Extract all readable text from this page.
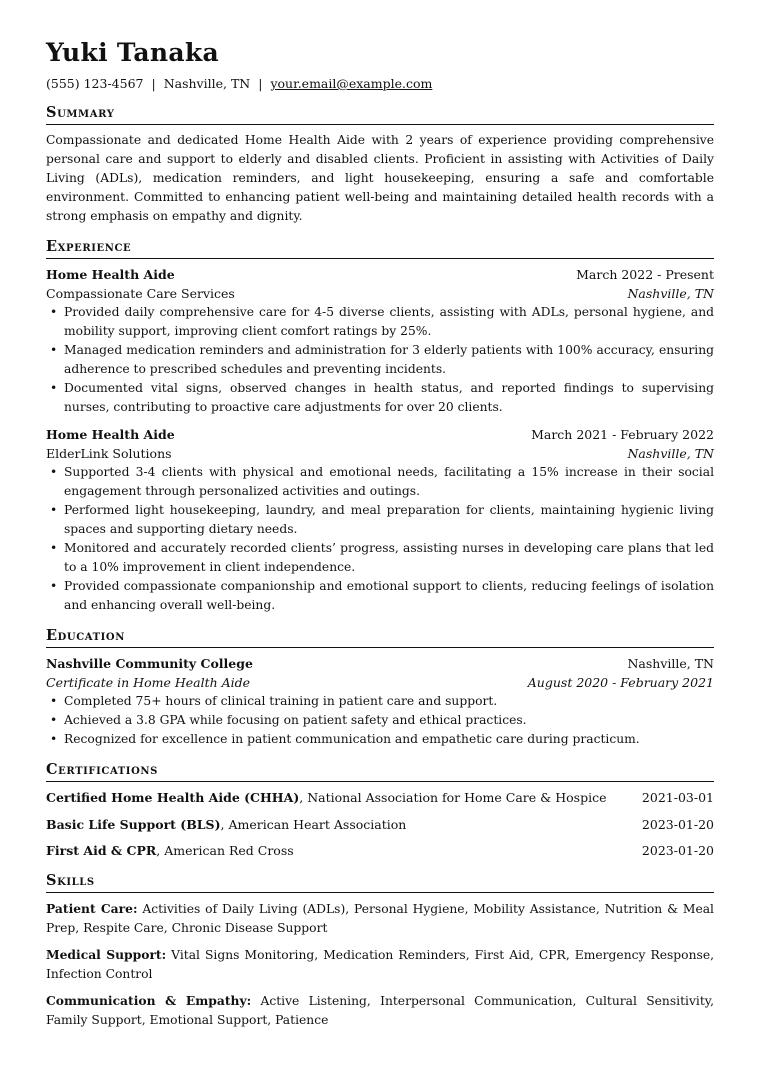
Yuki Tanaka
(555) 123-4567 | Nashville, TN | your.email@example.com
Summary

Compassionate and dedicated Home Health Aide with 2 years of experience providing comprehensive personal care and support to elderly and disabled clients. Proficient in assisting with Activities of Daily Living (ADLs), medication reminders, and light housekeeping, ensuring a safe and comfortable environment. Committed to enhancing patient well-being and maintaining detailed health records with a strong emphasis on empathy and dignity.

Experience
Home Health Aide	March 2022 - Present
Compassionate Care Services	Nashville, TN
• Provided daily comprehensive care for 4-5 diverse clients, assisting with ADLs, personal hygiene, and mobility support, improving client comfort ratings by 25%.
• Managed medication reminders and administration for 3 elderly patients with 100% accuracy, ensuring adherence to prescribed schedules and preventing incidents.
• Documented vital signs, observed changes in health status, and reported findings to supervising nurses, contributing to proactive care adjustments for over 20 clients.
Home Health Aide	March 2021 - February 2022
ElderLink Solutions	Nashville, TN
• Supported 3-4 clients with physical and emotional needs, facilitating a 15% increase in their social engagement through personalized activities and outings.
• Performed light housekeeping, laundry, and meal preparation for clients, maintaining hygienic living spaces and supporting dietary needs.
• Monitored and accurately recorded clients’ progress, assisting nurses in developing care plans that led to a 10% improvement in client independence.
• Provided compassionate companionship and emotional support to clients, reducing feelings of isolation and enhancing overall well-being.
Education
Nashville Community College	Nashville, TN
Certificate in Home Health Aide	August 2020 - February 2021
• Completed 75+ hours of clinical training in patient care and support.
• Achieved a 3.8 GPA while focusing on patient safety and ethical practices.
• Recognized for excellence in patient communication and empathetic care during practicum.
Certifications
Certified Home Health Aide (CHHA), National Association for Home Care & Hospice	2021-03-01
Basic Life Support (BLS), American Heart Association	2023-01-20
First Aid & CPR, American Red Cross	2023-01-20
Skills
Patient Care: Activities of Daily Living (ADLs), Personal Hygiene, Mobility Assistance, Nutrition & Meal Prep, Respite Care, Chronic Disease Support
Medical Support: Vital Signs Monitoring, Medication Reminders, First Aid, CPR, Emergency Response, Infection Control
Communication & Empathy: Active Listening, Interpersonal Communication, Cultural Sensitivity, Family Support, Emotional Support, Patience
